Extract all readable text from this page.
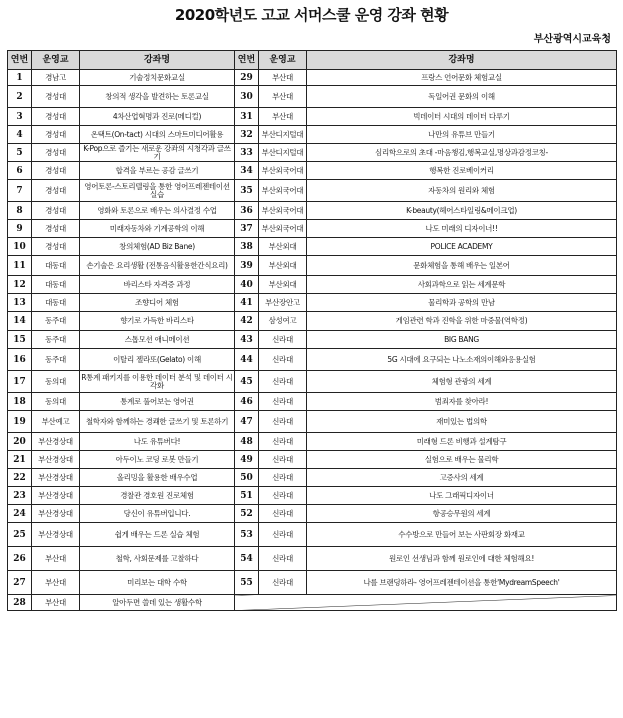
2020학년도 고교 서머스쿨 운영 강좌 현황
부산광역시교육청
연번	운영교	강좌명	연번	운영교	강좌명
1	경남고	기술정치문화교실	29	부산대	프랑스 언어문화 체험교실
2	경성대	창의적 생각을 발견하는 토론교실	30	부산대	독일어권 문화의 이해
3	경성대	4차산업혁명과 진로(메디컬)	31	부산대	빅데이터 시대의 데이터 다루기
4	경성대	온택트(On-tact) 시대의 스마트미디어활용	32	부산디지털대	나만의 유튜브 만들기
5	경성대	K-Pop으로 즐기는 새로운 강좌의 시청각과 글쓰기	33	부산디지털대	심리학으로의 초대 -마음챙김,행복교실,명상과감정코칭-
6	경성대	합격을 부르는 공감 글쓰기	34	부산외국어대	행복한 진로베이커리
7	경성대	영어토론-스토리텔링을 통한 영어프레젠테이션 실습	35	부산외국어대	자동차의 원리와 체험
8	경성대	영화와 토론으로 배우는 의사결정 수업	36	부산외국어대	K-beauty(헤어스타일링&메이크업)
9	경성대	미래자동차와 기계공학의 이해	37	부산외국어대	나도 미래의 디자이너!!
10	경성대	창의체험(AD Biz Bane)	38	부산외대	POLICE ACADEMY
11	대동대	손기술은 요리생활 (전통음식활용한간식요리)	39	부산외대	문화체험을 통해 배우는 일본어
12	대동대	바리스타 자격증 과정	40	부산외대	사회과학으로 읽는 세계문학
13	대동대	조향디어 체험	41	부산장안고	물리학과 공학의 만남
14	동주대	향기로 가득한 바리스타	42	삼성여고	게임관련 학과 진학을 위한 마중물(역학정)
15	동주대	스톱모션 애니메이션	43	신라대	BIG BANG
16	동주대	이탈리 젤라또(Gelato) 이해	44	신라대	5G 시대에 요구되는 나노소재의이해와응용실험
17	동의대	R통계 패키지를 이용한 데이터 분석 및 데이터 시각화	45	신라대	체험형 관광의 세계
18	동의대	통계로 풀어보는 영어권	46	신라대	범죄자를 찾아라!
19	부산예고	철학자와 함께하는 경쾌한 글쓰기 및 토론하기	47	신라대	재미있는 법의학
20	부산경상대	나도 유튜버다!	48	신라대	미래형 드론 비행과 설계탐구
21	부산경상대	아두이노 코딩 로봇 만들기	49	신라대	실험으로 배우는 물리학
22	부산경상대	올리밍을 활용한 배우수업	50	신라대	고증사의 세계
23	부산경상대	경찰관 경호원 진로체험	51	신라대	나도 그래픽디자이너
24	부산경상대	당신이 유튜버입니다.	52	신라대	항공승무원의 세계
25	부산경상대	쉽게 배우는 드론 실습 체험	53	신라대	수수방으로 만들어 보는 사판회장 화재교
26	부산대	철학, 사회문제를 고찰하다	54	신라대	원로인 선생님과 함께 원로인에 대한 체험해요!
27	부산대	미리보는 대학 수학	55	신라대	나를 브랜딩하라- 영어프레젠테이션을 통한'MydreamSpeech'
28	부산대	알아두면 쓸데 있는 생활수학			
